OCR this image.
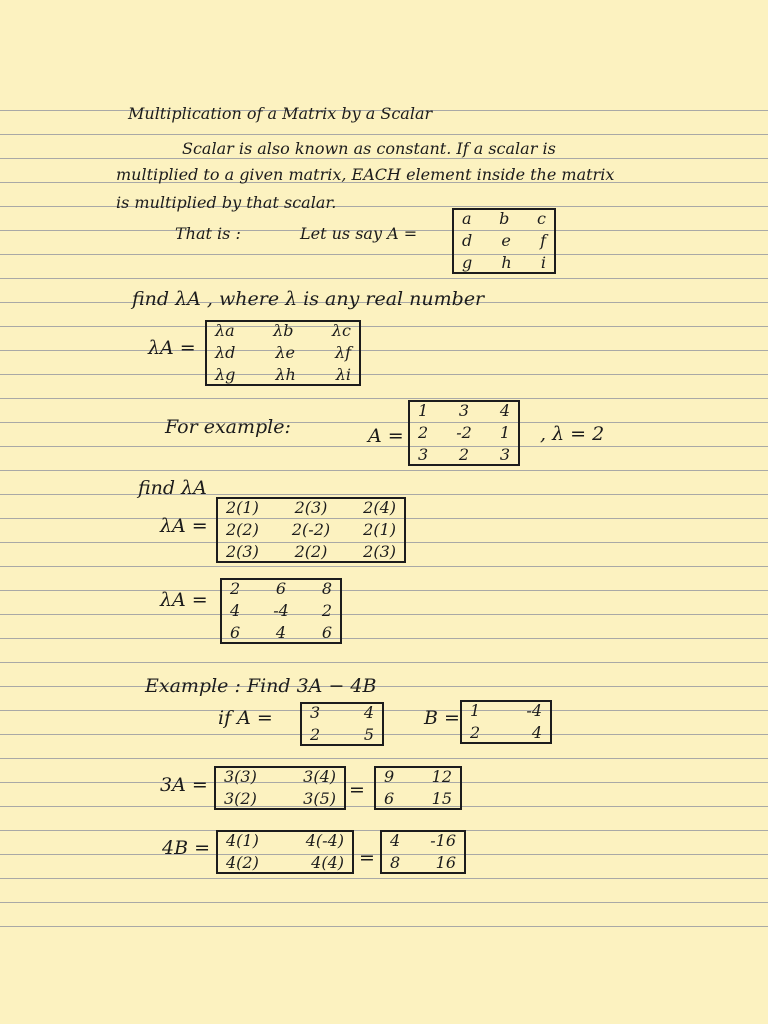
Multiplication of a Matrix by a Scalar
Scalar is also known as constant. If a scalar is
multiplied to a given matrix, EACH element inside the matrix
is multiplied by that scalar.
That is :	Let us say A =
a b c
d e f
g h i
find λA , where λ is any real number
λA =
λa λb λc
λd λe λf
λg λh λi
For example:	A =
1 3 4
2 -2 1
3 2 3
, λ = 2
find λA
λA =
2(1) 2(3) 2(4)
2(2) 2(-2) 2(1)
2(3) 2(2) 2(3)
λA =
2 6 8
4 -4 2
6 4 6
Example : Find 3A − 4B
if A = 3	4
2	5
B = 1	-4
2	4
3A = 3(3)	3(4)
3(2)	3(5) =
9 12
6 15
4B = 4(1)	4(-4)
4(2)	4(4) =
4 -16
8 16
